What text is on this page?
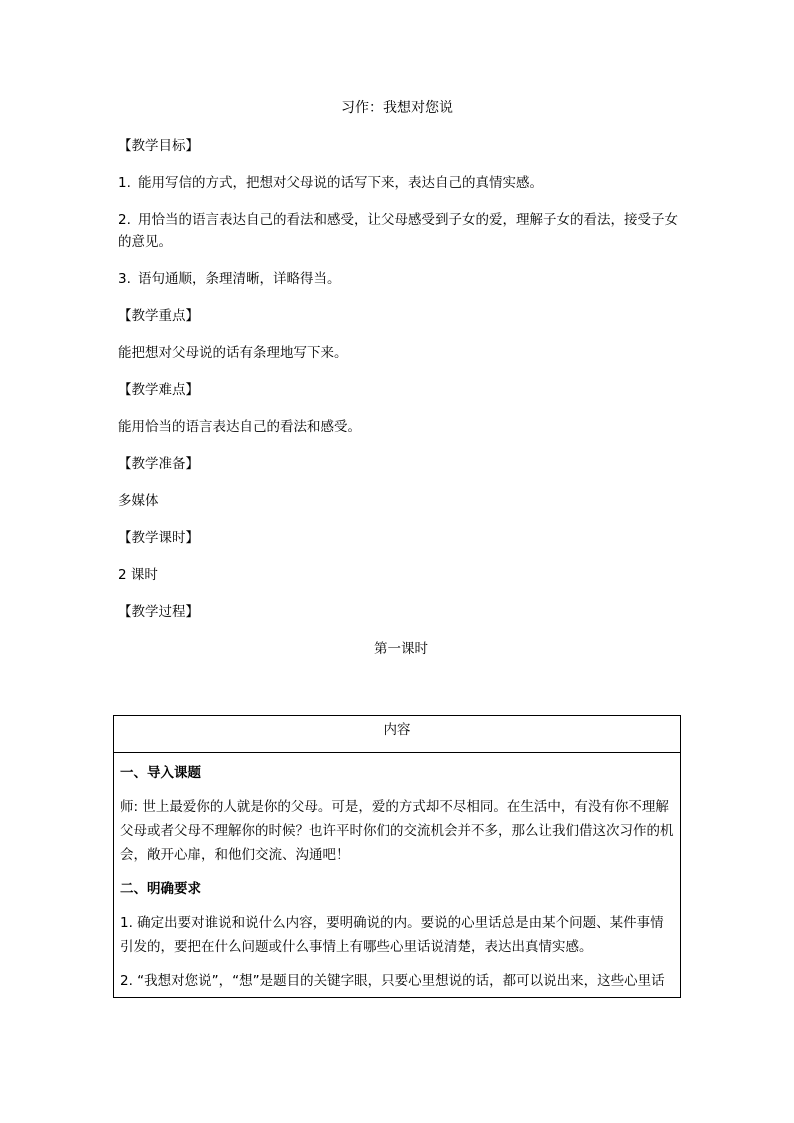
习作：我想对您说

【教学目标】

1. 能用写信的方式，把想对父母说的话写下来，表达自己的真情实感。

2. 用恰当的语言表达自己的看法和感受，让父母感受到子女的爱，理解子女的看法，接受子女的意见。

3. 语句通顺，条理清晰，详略得当。

【教学重点】

能把想对父母说的话有条理地写下来。

【教学难点】

能用恰当的语言表达自己的看法和感受。

【教学准备】

多媒体

【教学课时】

2 课时

【教学过程】

第一课时

内容

一、导入课题

师: 世上最爱你的人就是你的父母。可是，爱的方式却不尽相同。在生活中，有没有你不理解父母或者父母不理解你的时候？也许平时你们的交流机会并不多，那么让我们借这次习作的机会，敞开心扉，和他们交流、沟通吧！

二、明确要求

1. 确定出要对谁说和说什么内容，要明确说的内。要说的心里话总是由某个问题、某件事情引发的，要把在什么问题或什么事情上有哪些心里话说清楚，表达出真情实感。

2. “我想对您说”，“想”是题目的关键字眼，只要心里想说的话，都可以说出来，这些心里话
